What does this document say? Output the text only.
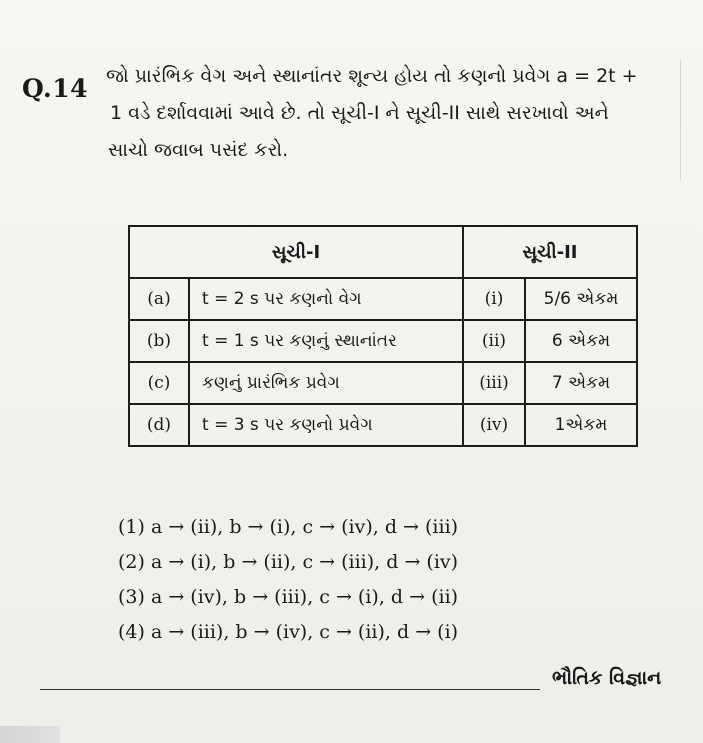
Q.14 જો પ્રારંભિક વેગ અને સ્થાનાંતર શૂન્ય હોય તો કણનો પ્રવેગ a = 2t +
1 વડે દર્શાવવામાં આવે છે. તો સૂચી-I ને સૂચી-II સાથે સરખાવો અને
સાચો જવાબ પસંદ કરો.
સૂચી-I		સૂચી-II	
(a)	t = 2 s પર કણનો વેગ	(i)	5/6 એકમ
(b)	t = 1 s પર કણનું સ્થાનાંતર	(ii)	6 એકમ
(c)	કણનું પ્રારંભિક પ્રવેગ	(iii)	7 એકમ
(d)	t = 3 s પર કણનો પ્રવેગ	(iv)	1એકમ
(1) a → (ii), b → (i), c → (iv), d → (iii)
(2) a → (i), b → (ii), c → (iii), d → (iv)
(3) a → (iv), b → (iii), c → (i), d → (ii)
(4) a → (iii), b → (iv), c → (ii), d → (i)
ભૌતિક વિજ્ઞાન
